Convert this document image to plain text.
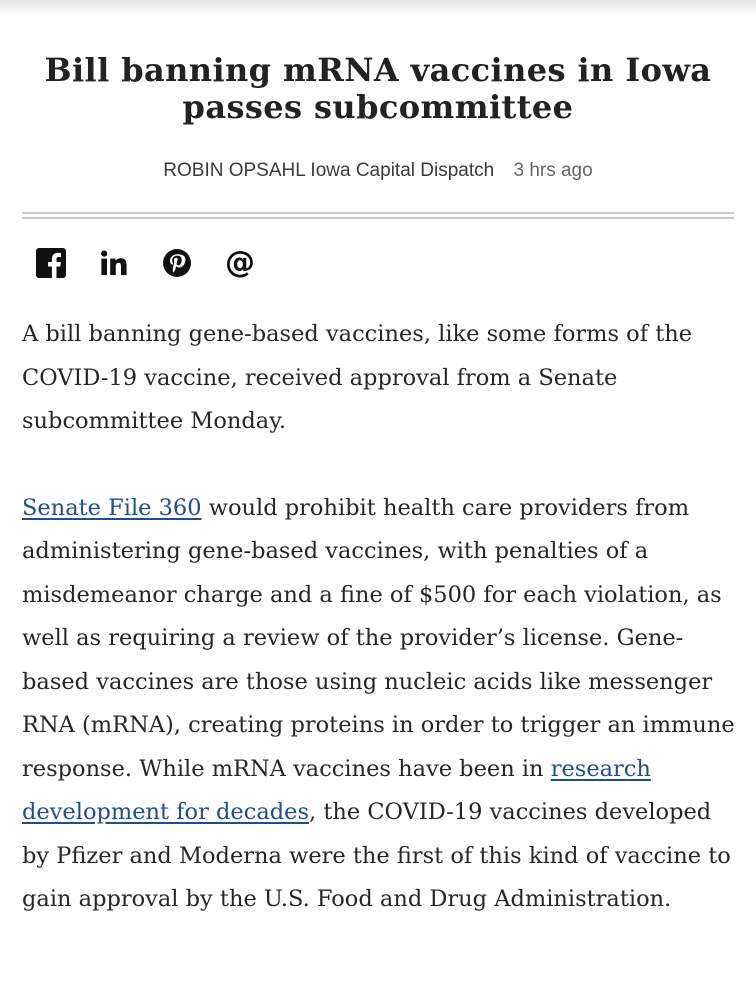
Bill banning mRNA vaccines in Iowa passes subcommittee
ROBIN OPSAHL Iowa Capital Dispatch 3 hrs ago
@

A bill banning gene-based vaccines, like some forms of the COVID-19 vaccine, received approval from a Senate subcommittee Monday.

Senate File 360 would prohibit health care providers from administering gene-based vaccines, with penalties of a misdemeanor charge and a fine of $500 for each violation, as well as requiring a review of the provider’s license. Gene-based vaccines are those using nucleic acids like messenger RNA (mRNA), creating proteins in order to trigger an immune response. While mRNA vaccines have been in research development for decades, the COVID-19 vaccines developed by Pfizer and Moderna were the first of this kind of vaccine to gain approval by the U.S. Food and Drug Administration.
